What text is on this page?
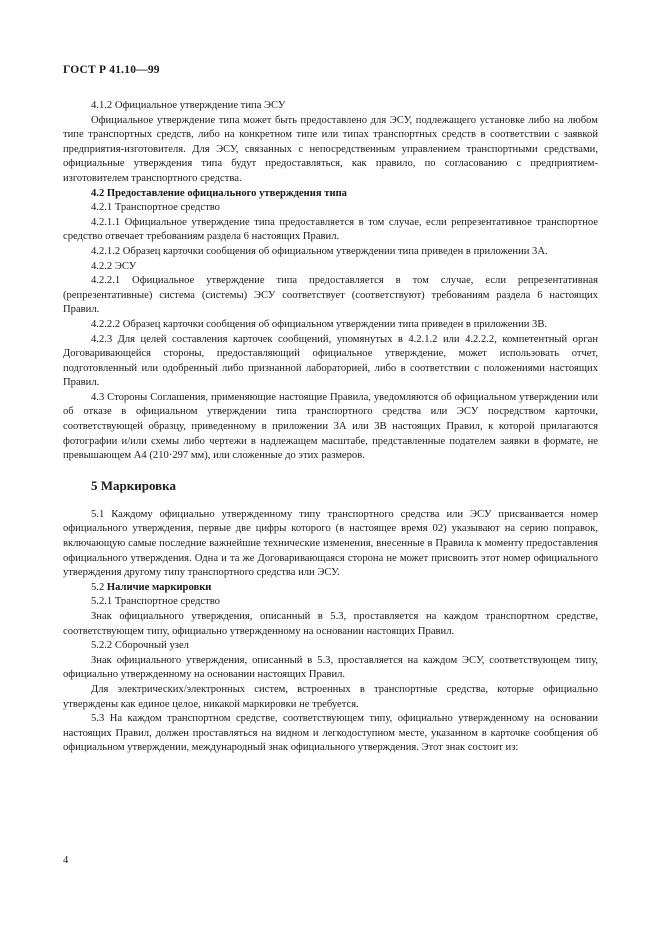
ГОСТ Р 41.10—99

4.1.2 Официальное утверждение типа ЭСУ

Официальное утверждение типа может быть предоставлено для ЭСУ, подлежащего установке либо на любом типе транспортных средств, либо на конкретном типе или типах транспортных средств в соответствии с заявкой предприятия-изготовителя. Для ЭСУ, связанных с непосредственным управлением транспортными средствами, официальные утверждения типа будут предоставляться, как правило, по согласованию с предприятием-изготовителем транспортного средства.

4.2 Предоставление официального утверждения типа

4.2.1 Транспортное средство

4.2.1.1 Официальное утверждение типа предоставляется в том случае, если репрезентативное транспортное средство отвечает требованиям раздела 6 настоящих Правил.

4.2.1.2 Образец карточки сообщения об официальном утверждении типа приведен в приложении 3А.

4.2.2 ЭСУ

4.2.2.1 Официальное утверждение типа предоставляется в том случае, если репрезентативная (репрезентативные) система (системы) ЭСУ соответствует (соответствуют) требованиям раздела 6 настоящих Правил.

4.2.2.2 Образец карточки сообщения об официальном утверждении типа приведен в приложении 3В.

4.2.3 Для целей составления карточек сообщений, упомянутых в 4.2.1.2 или 4.2.2.2, компетентный орган Договаривающейся стороны, предоставляющий официальное утверждение, может использовать отчет, подготовленный или одобренный либо признанной лабораторией, либо в соответствии с положениями настоящих Правил.

4.3 Стороны Соглашения, применяющие настоящие Правила, уведомляются об официальном утверждении или об отказе в официальном утверждении типа транспортного средства или ЭСУ посредством карточки, соответствующей образцу, приведенному в приложении 3А или 3В настоящих Правил, к которой прилагаются фотографии и/или схемы либо чертежи в надлежащем масштабе, представленные подателем заявки в формате, не превышающем А4 (210·297 мм), или сложенные до этих размеров.

5 Маркировка

5.1 Каждому официально утвержденному типу транспортного средства или ЭСУ присваивается номер официального утверждения, первые две цифры которого (в настоящее время 02) указывают на серию поправок, включающую самые последние важнейшие технические изменения, внесенные в Правила к моменту предоставления официального утверждения. Одна и та же Договаривающаяся сторона не может присвоить этот номер официального утверждения другому типу транспортного средства или ЭСУ.

5.2 Наличие маркировки

5.2.1 Транспортное средство

Знак официального утверждения, описанный в 5.3, проставляется на каждом транспортном средстве, соответствующем типу, официально утвержденному на основании настоящих Правил.

5.2.2 Сборочный узел

Знак официального утверждения, описанный в 5.3, проставляется на каждом ЭСУ, соответствующем типу, официально утвержденному на основании настоящих Правил.

Для электрических/электронных систем, встроенных в транспортные средства, которые официально утверждены как единое целое, никакой маркировки не требуется.

5.3 На каждом транспортном средстве, соответствующем типу, официально утвержденному на основании настоящих Правил, должен проставляться на видном и легкодоступном месте, указанном в карточке сообщения об официальном утверждении, международный знак официального утверждения. Этот знак состоит из:

4
